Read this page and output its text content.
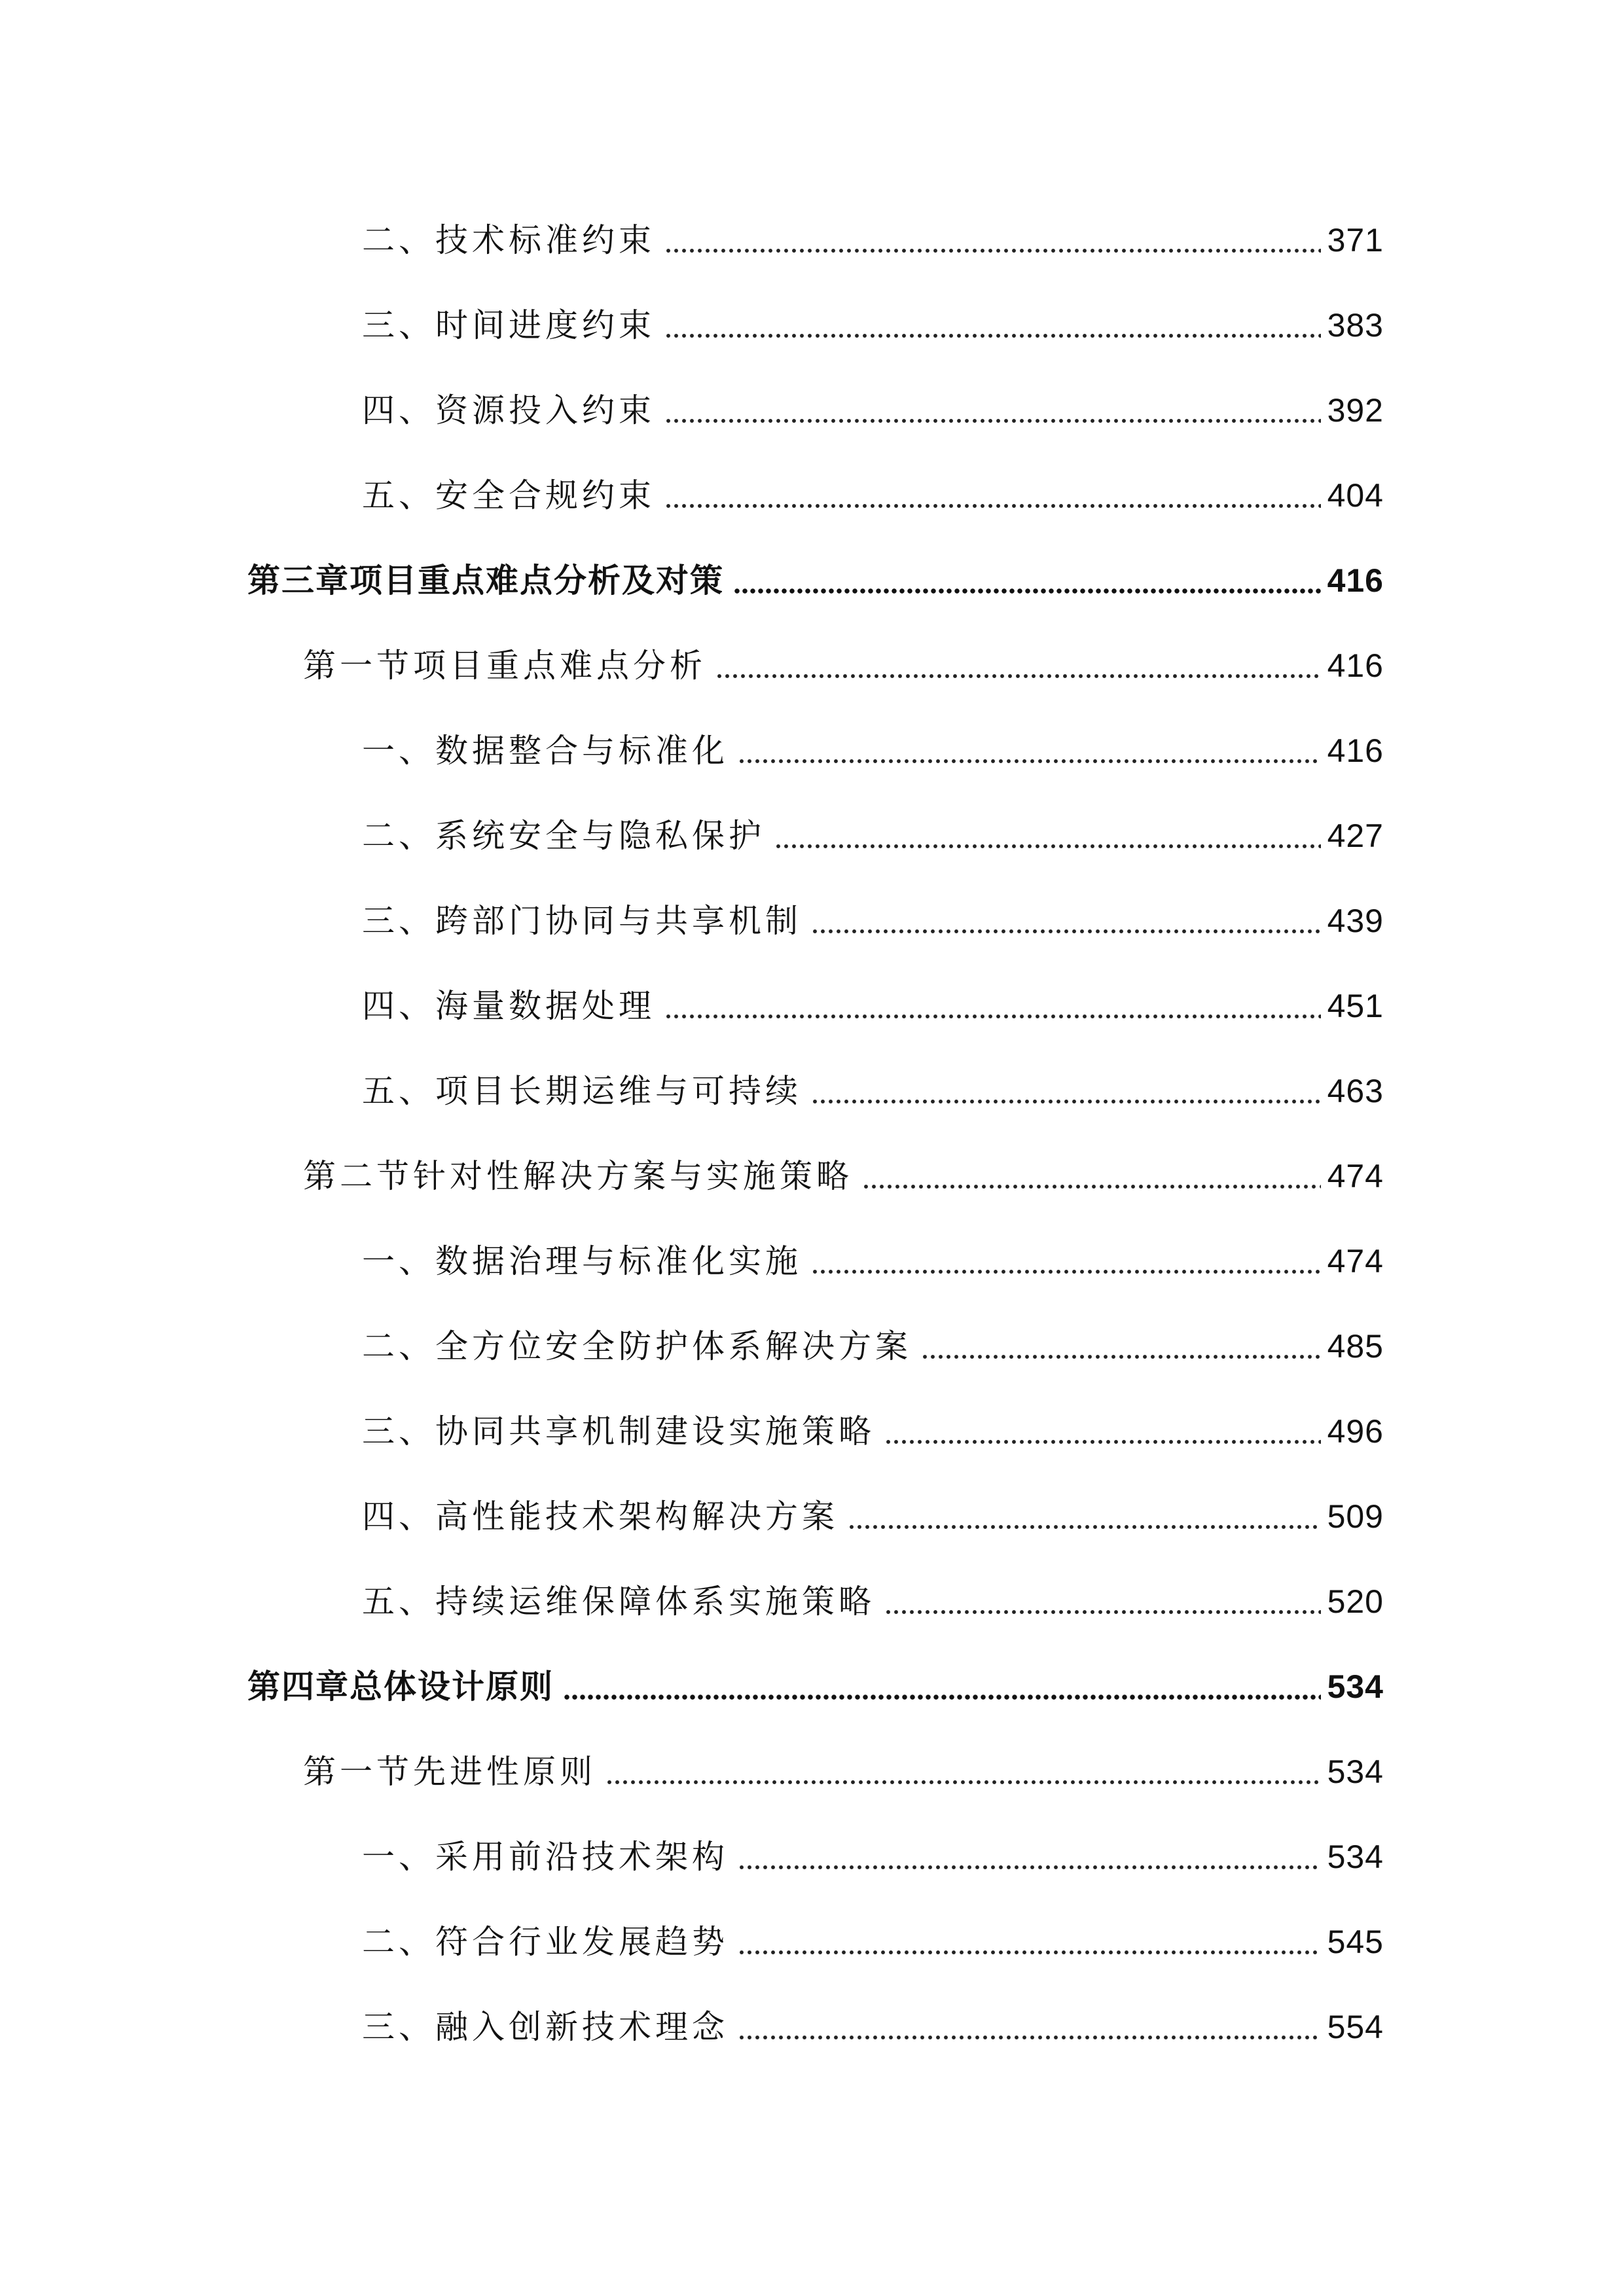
二、技术标准约束	371
三、时间进度约束	383
四、资源投入约束	392
五、安全合规约束	404
第三章项目重点难点分析及对策	416
第一节项目重点难点分析	416
一、数据整合与标准化	416
二、系统安全与隐私保护	427
三、跨部门协同与共享机制	439
四、海量数据处理	451
五、项目长期运维与可持续	463
第二节针对性解决方案与实施策略	474
一、数据治理与标准化实施	474
二、全方位安全防护体系解决方案	485
三、协同共享机制建设实施策略	496
四、高性能技术架构解决方案	509
五、持续运维保障体系实施策略	520
第四章总体设计原则	534
第一节先进性原则	534
一、采用前沿技术架构	534
二、符合行业发展趋势	545
三、融入创新技术理念	554
